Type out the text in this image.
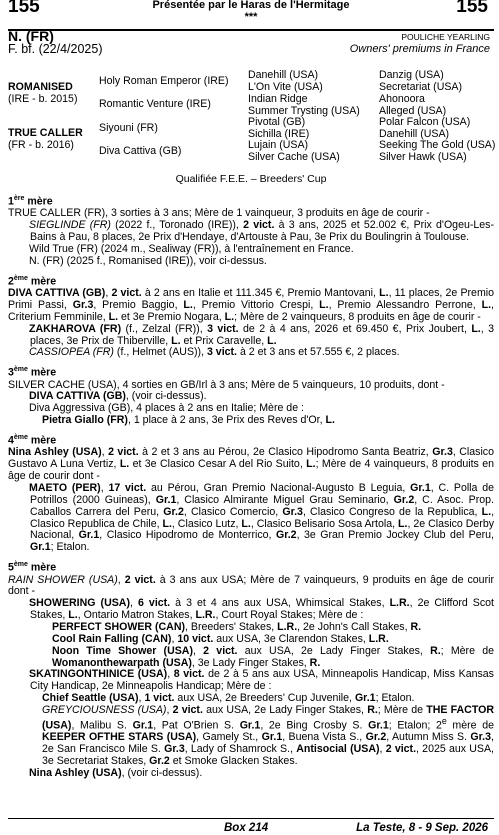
155	Présentée par le Haras de l'Hermitage
***
155
N. (FR)
F. bf. (22/4/2025)
POULICHE YEARLING
Owners' premiums in France
ROMANISED
(IRE - b. 2015)
TRUE CALLER
(FR - b. 2016)
Holy Roman Emperor (IRE)
Romantic Venture (IRE)
Siyouni (FR)
Diva Cattiva (GB)
Danehill (USA)
L'On Vite (USA)
Indian Ridge
Summer Trysting (USA)
Pivotal (GB)
Sichilla (IRE)
Lujain (USA)
Silver Cache (USA)
Danzig (USA)
Secretariat (USA)
Ahonoora
Alleged (USA)
Polar Falcon (USA)
Danehill (USA)
Seeking The Gold (USA)
Silver Hawk (USA)
Qualifiée F.E.E. – Breeders' Cup
1ère mère
TRUE CALLER (FR), 3 sorties à 3 ans; Mère de 1 vainqueur, 3 produits en âge de courir -
SIEGLINDE (FR) (2022 f., Toronado (IRE)), 2 vict. à 3 ans, 2025 et 52.002 €, Prix d'Ogeu-Les-Bains à Pau, 8 places, 2e Prix d'Hendaye, d'Artouste à Pau, 3e Prix du Boulingrin à Toulouse.
Wild True (FR) (2024 m., Sealiway (FR)), à l'entraînement en France.
N. (FR) (2025 f., Romanised (IRE)), voir ci-dessus.
2ème mère
DIVA CATTIVA (GB), 2 vict. à 2 ans en Italie et 111.345 €, Premio Mantovani, L., 11 places, 2e Premio Primi Passi, Gr.3, Premio Baggio, L., Premio Vittorio Crespi, L., Premio Alessandro Perrone, L., Criterium Femminile, L. et 3e Premio Nogara, L.; Mère de 2 vainqueurs, 8 produits en âge de courir -
ZAKHAROVA (FR) (f., Zelzal (FR)), 3 vict. de 2 à 4 ans, 2026 et 69.450 €, Prix Joubert, L., 3 places, 3e Prix de Thiberville, L. et Prix Caravelle, L.
CASSIOPEA (FR) (f., Helmet (AUS)), 3 vict. à 2 et 3 ans et 57.555 €, 2 places.
3ème mère
SILVER CACHE (USA), 4 sorties en GB/Irl à 3 ans; Mère de 5 vainqueurs, 10 produits, dont -
DIVA CATTIVA (GB), (voir ci-dessus).
Diva Aggressiva (GB), 4 places à 2 ans en Italie; Mère de :
Pietra Giallo (FR), 1 place à 2 ans, 3e Prix des Reves d'Or, L.
4ème mère
Nina Ashley (USA), 2 vict. à 2 et 3 ans au Pérou, 2e Clasico Hipodromo Santa Beatriz, Gr.3, Clasico Gustavo A Luna Vertiz, L. et 3e Clasico Cesar A del Rio Suito, L.; Mère de 4 vainqueurs, 8 produits en âge de courir dont -
MAETO (PER), 17 vict. au Pérou, Gran Premio Nacional-Augusto B Leguia, Gr.1, C. Polla de Potrillos (2000 Guineas), Gr.1, Clasico Almirante Miguel Grau Seminario, Gr.2, C. Asoc. Prop. Caballos Carrera del Peru, Gr.2, Clasico Comercio, Gr.3, Clasico Congreso de la Republica, L., Clasico Republica de Chile, L., Clasico Lutz, L., Clasico Belisario Sosa Artola, L., 2e Clasico Derby Nacional, Gr.1, Clasico Hipodromo de Monterrico, Gr.2, 3e Gran Premio Jockey Club del Peru, Gr.1; Etalon.
5ème mère
RAIN SHOWER (USA), 2 vict. à 3 ans aux USA; Mère de 7 vainqueurs, 9 produits en âge de courir dont -
SHOWERING (USA), 6 vict. à 3 et 4 ans aux USA, Whimsical Stakes, L.R., 2e Clifford Scot Stakes, L., Ontario Matron Stakes, L.R., Court Royal Stakes; Mère de :
PERFECT SHOWER (CAN), Breeders' Stakes, L.R., 2e John's Call Stakes, R.
Cool Rain Falling (CAN), 10 vict. aux USA, 3e Clarendon Stakes, L.R.
Noon Time Shower (USA), 2 vict. aux USA, 2e Lady Finger Stakes, R.; Mère de Womanonthewarpath (USA), 3e Lady Finger Stakes, R.
SKATINGONTHINICE (USA), 8 vict. de 2 à 5 ans aux USA, Minneapolis Handicap, Miss Kansas City Handicap, 2e Minneapolis Handicap; Mère de :
Chief Seattle (USA), 1 vict. aux USA, 2e Breeders' Cup Juvenile, Gr.1; Etalon.
GREYCIOUSNESS (USA), 2 vict. aux USA, 2e Lady Finger Stakes, R.; Mère de THE FACTOR (USA), Malibu S. Gr.1, Pat O'Brien S. Gr.1, 2e Bing Crosby S. Gr.1; Etalon; 2e mère de KEEPER OFTHE STARS (USA), Gamely St., Gr.1, Buena Vista S., Gr.2, Autumn Miss S. Gr.3, 2e San Francisco Mile S. Gr.3, Lady of Shamrock S., Antisocial (USA), 2 vict., 2025 aux USA, 3e Secretariat Stakes, Gr.2 et Smoke Glacken Stakes.
Nina Ashley (USA), (voir ci-dessus).
Box 214	La Teste, 8 - 9 Sep. 2026
